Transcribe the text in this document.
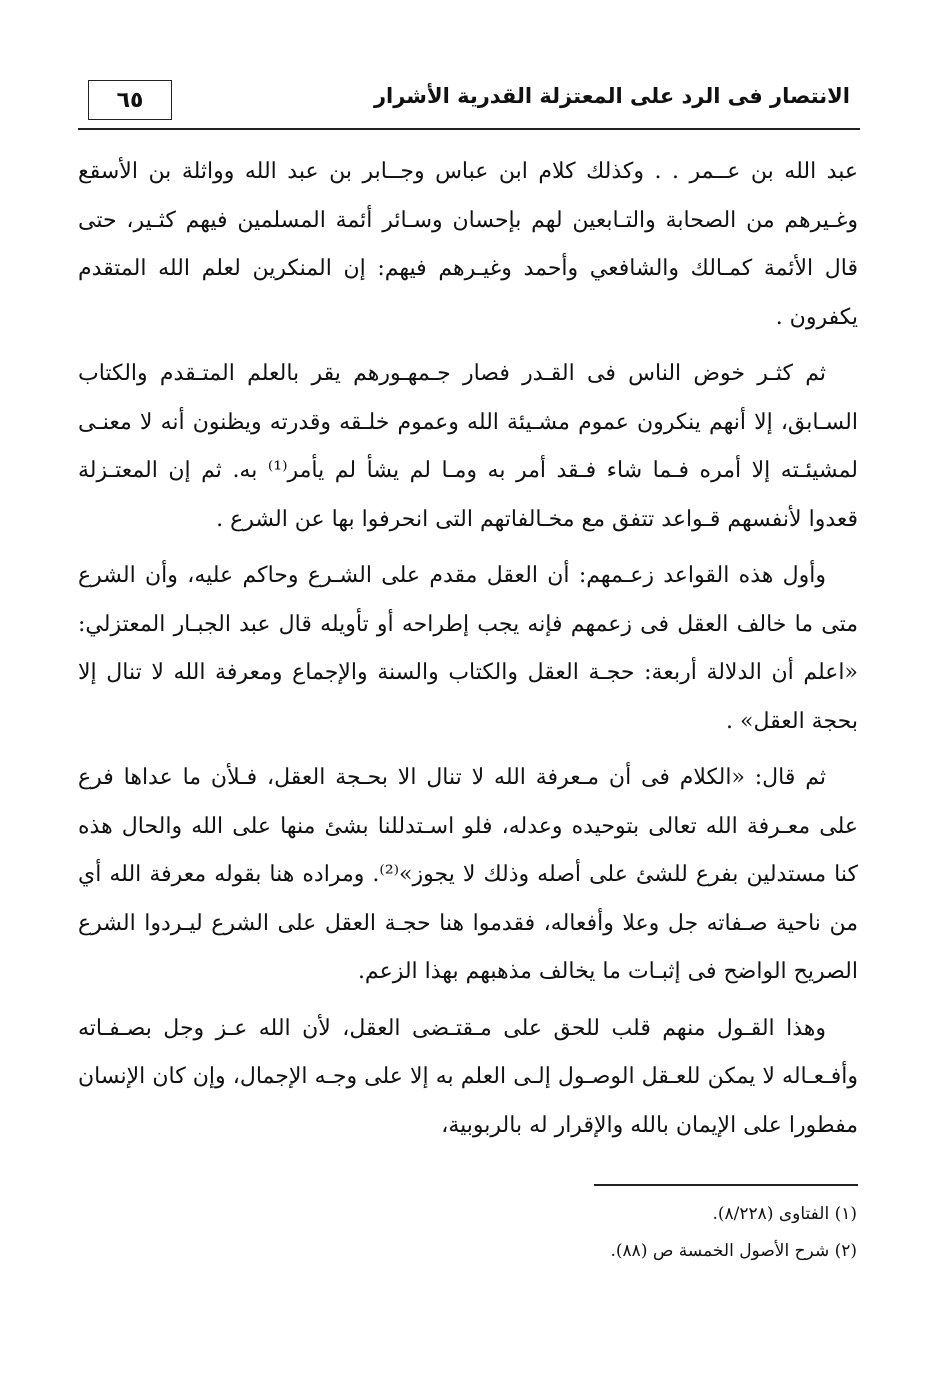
٦٥	الانتصار فى الرد على المعتزلة القدرية الأشرار

عبد الله بن عــمر . . وكذلك كلام ابن عباس وجــابر بن عبد الله وواثلة بن الأسقع وغـيرهم من الصحابة والتـابعين لهم بإحسان وسـائر أئمة المسلمين فيهم كثـير، حتى قال الأئمة كمـالك والشافعي وأحمد وغيـرهم فيهم: إن المنكرين لعلم الله المتقدم يكفرون .

ثم كثـر خوض الناس فى القـدر فصار جـمهـورهم يقر بالعلم المتـقدم والكتاب السـابق، إلا أنهم ينكرون عموم مشـيئة الله وعموم خلـقه وقدرته ويظنون أنه لا معنـى لمشيئـته إلا أمره فـما شاء فـقد أمر به ومـا لم يشأ لم يأمر⁽¹⁾ به. ثم إن المعتـزلة قعدوا لأنفسهم قـواعد تتفق مع مخـالفاتهم التى انحرفوا بها عن الشرع .

وأول هذه القواعد زعـمهم: أن العقل مقدم على الشـرع وحاكم عليه، وأن الشرع متى ما خالف العقل فى زعمهم فإنه يجب إطراحه أو تأويله قال عبد الجبـار المعتزلي: «اعلم أن الدلالة أربعة: حجـة العقل والكتاب والسنة والإجماع ومعرفة الله لا تنال إلا بحجة العقل» .

ثم قال: «الكلام فى أن مـعرفة الله لا تنال الا بحـجة العقل، فـلأن ما عداها فرع على معـرفة الله تعالى بتوحيده وعدله، فلو اسـتدللنا بشئ منها على الله والحال هذه كنا مستدلين بفرع للشئ على أصله وذلك لا يجوز»⁽²⁾. ومراده هنا بقوله معرفة الله أي من ناحية صـفاته جل وعلا وأفعاله، فقدموا هنا حجـة العقل على الشرع ليـردوا الشرع الصريح الواضح فى إثبـات ما يخالف مذهبهم بهذا الزعم.

وهذا القـول منهم قلب للحق على مـقتـضى العقل، لأن الله عـز وجل بصـفـاته وأفـعـاله لا يمكن للعـقل الوصـول إلـى العلم به إلا على وجـه الإجمال، وإن كان الإنسان مفطورا على الإيمان بالله والإقرار له بالربوبية،

(١) الفتاوى (٨/٢٢٨).

(٢) شرح الأصول الخمسة ص (٨٨).
